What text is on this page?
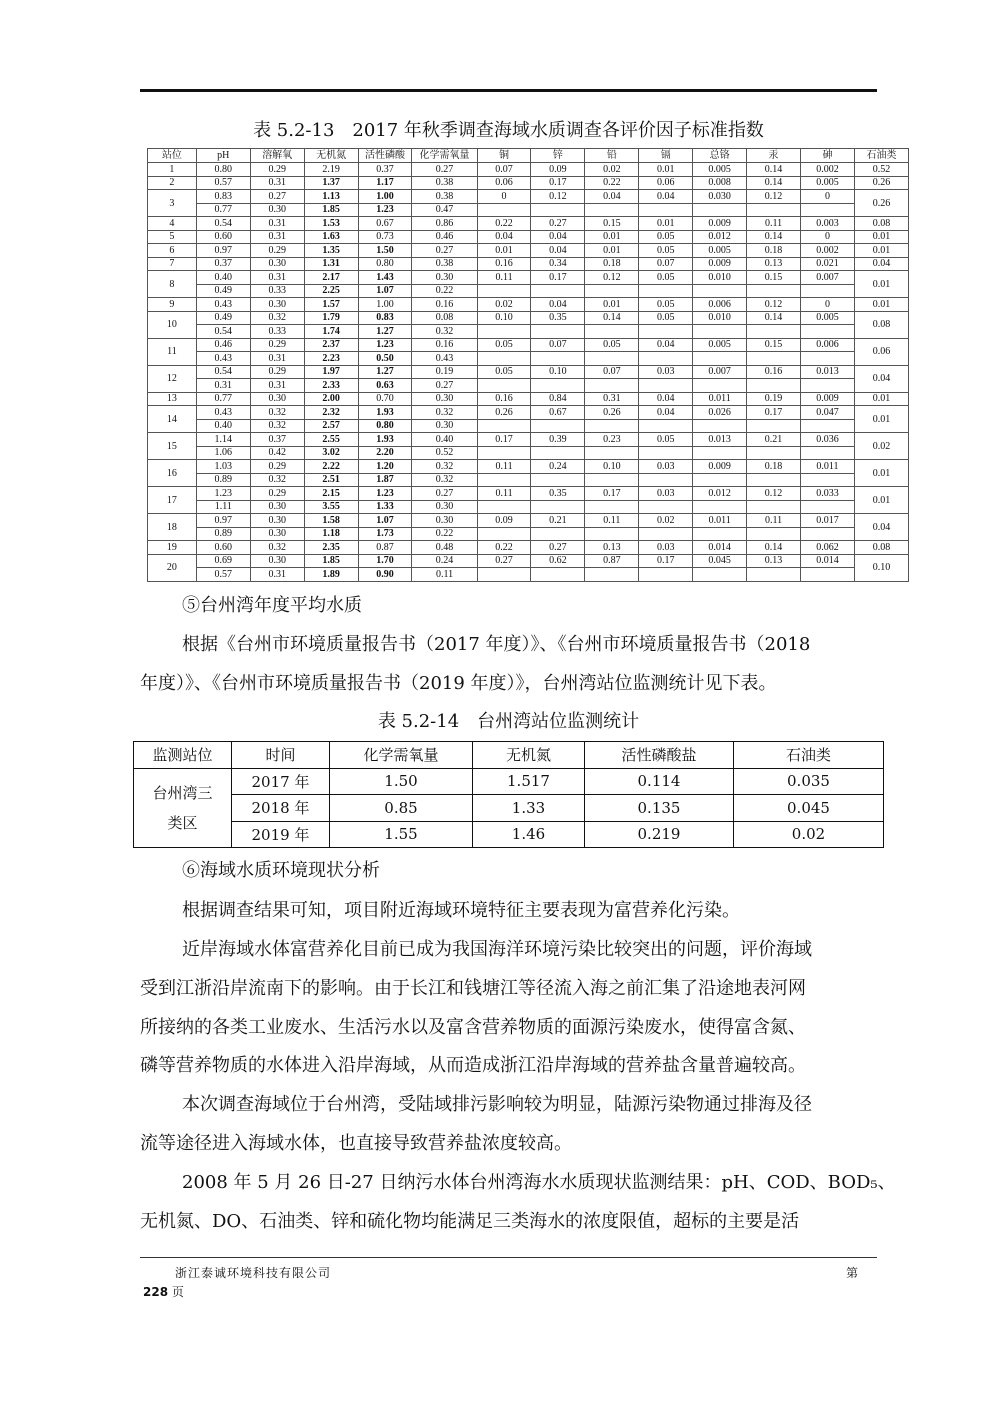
表 5.2-13　2017 年秋季调查海域水质调查各评价因子标准指数
站位	pH	溶解氧	无机氮	活性磷酸	化学需氧量	铜	锌	铅	镉	总铬	汞	砷	石油类
1	0.80	0.29	2.19	0.37	0.27	0.07	0.09	0.02	0.01	0.005	0.14	0.002	0.52
2	0.57	0.31	1.37	1.17	0.38	0.06	0.17	0.22	0.06	0.008	0.14	0.005	0.26
3	0.83	0.27	1.13	1.00	0.38	0	0.12	0.04	0.04	0.030	0.12	0	0.26
	0.77	0.30	1.85	1.23	0.47								
4	0.54	0.31	1.53	0.67	0.86	0.22	0.27	0.15	0.01	0.009	0.11	0.003	0.08
5	0.60	0.31	1.63	0.73	0.46	0.04	0.04	0.01	0.05	0.012	0.14	0	0.01
6	0.97	0.29	1.35	1.50	0.27	0.01	0.04	0.01	0.05	0.005	0.18	0.002	0.01
7	0.37	0.30	1.31	0.80	0.38	0.16	0.34	0.18	0.07	0.009	0.13	0.021	0.04
8	0.40	0.31	2.17	1.43	0.30	0.11	0.17	0.12	0.05	0.010	0.15	0.007	0.01
	0.49	0.33	2.25	1.07	0.22								
9	0.43	0.30	1.57	1.00	0.16	0.02	0.04	0.01	0.05	0.006	0.12	0	0.01
10	0.49	0.32	1.79	0.83	0.08	0.10	0.35	0.14	0.05	0.010	0.14	0.005	0.08
	0.54	0.33	1.74	1.27	0.32								
11	0.46	0.29	2.37	1.23	0.16	0.05	0.07	0.05	0.04	0.005	0.15	0.006	0.06
	0.43	0.31	2.23	0.50	0.43								
12	0.54	0.29	1.97	1.27	0.19	0.05	0.10	0.07	0.03	0.007	0.16	0.013	0.04
	0.31	0.31	2.33	0.63	0.27								
13	0.77	0.30	2.00	0.70	0.30	0.16	0.84	0.31	0.04	0.011	0.19	0.009	0.01
14	0.43	0.32	2.32	1.93	0.32	0.26	0.67	0.26	0.04	0.026	0.17	0.047	0.01
	0.40	0.32	2.57	0.80	0.30								
15	1.14	0.37	2.55	1.93	0.40	0.17	0.39	0.23	0.05	0.013	0.21	0.036	0.02
	1.06	0.42	3.02	2.20	0.52								
16	1.03	0.29	2.22	1.20	0.32	0.11	0.24	0.10	0.03	0.009	0.18	0.011	0.01
	0.89	0.32	2.51	1.87	0.32								
17	1.23	0.29	2.15	1.23	0.27	0.11	0.35	0.17	0.03	0.012	0.12	0.033	0.01
	1.11	0.30	3.55	1.33	0.30								
18	0.97	0.30	1.58	1.07	0.30	0.09	0.21	0.11	0.02	0.011	0.11	0.017	0.04
	0.89	0.30	1.18	1.73	0.22								
19	0.60	0.32	2.35	0.87	0.48	0.22	0.27	0.13	0.03	0.014	0.14	0.062	0.08
20	0.69	0.30	1.85	1.70	0.24	0.27	0.62	0.87	0.17	0.045	0.13	0.014	0.10
	0.57	0.31	1.89	0.90	0.11								
⑤台州湾年度平均水质
根据《台州市环境质量报告书（2017 年度）》、《台州市环境质量报告书（2018
年度）》、《台州市环境质量报告书（2019 年度）》，台州湾站位监测统计见下表。
表 5.2-14　台州湾站位监测统计
监测站位	时间	化学需氧量	无机氮	活性磷酸盐	石油类
台州湾三类区	2017 年	1.50	1.517	0.114	0.035
	2018 年	0.85	1.33	0.135	0.045
	2019 年	1.55	1.46	0.219	0.02
⑥海域水质环境现状分析
根据调查结果可知，项目附近海域环境特征主要表现为富营养化污染。
近岸海域水体富营养化目前已成为我国海洋环境污染比较突出的问题，评价海域
受到江浙沿岸流南下的影响。由于长江和钱塘江等径流入海之前汇集了沿途地表河网
所接纳的各类工业废水、生活污水以及富含营养物质的面源污染废水，使得富含氮、
磷等营养物质的水体进入沿岸海域，从而造成浙江沿岸海域的营养盐含量普遍较高。
本次调查海域位于台州湾，受陆域排污影响较为明显，陆源污染物通过排海及径
流等途径进入海域水体，也直接导致营养盐浓度较高。
2008 年 5 月 26 日-27 日纳污水体台州湾海水水质现状监测结果：pH、COD、BOD₅、
无机氮、DO、石油类、锌和硫化物均能满足三类海水的浓度限值，超标的主要是活
浙江泰诚环境科技有限公司	第
228 页
